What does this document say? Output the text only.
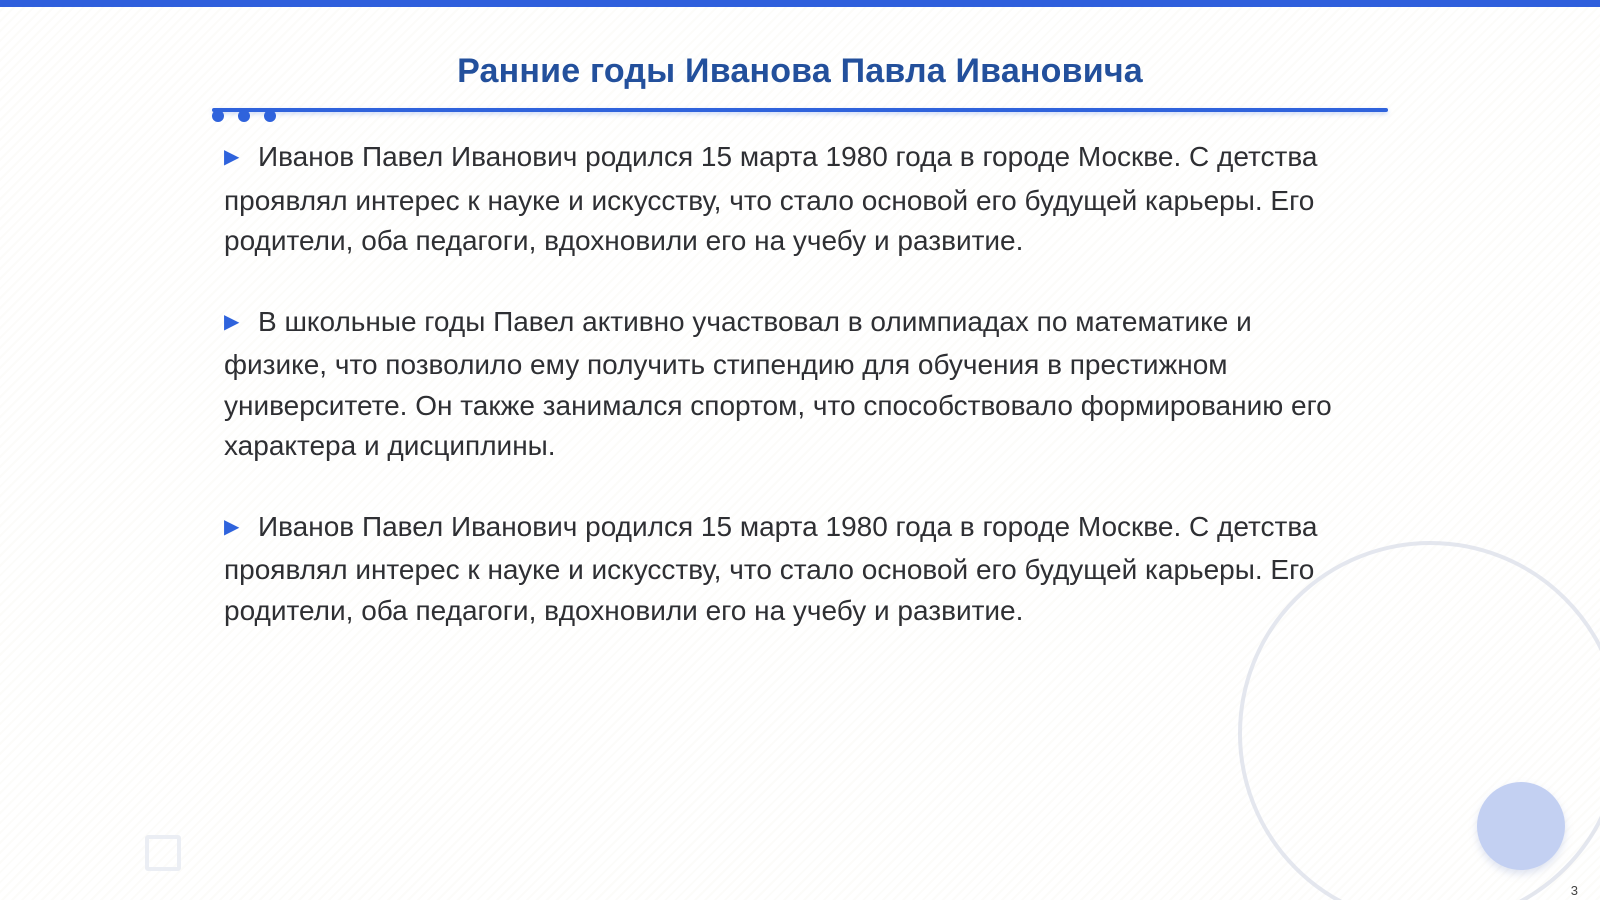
Ранние годы Иванова Павла Ивановича

▶ Иванов Павел Иванович родился 15 марта 1980 года в городе Москве. С детства проявлял интерес к науке и искусству, что стало основой его будущей карьеры. Его родители, оба педагоги, вдохновили его на учебу и развитие.

▶ В школьные годы Павел активно участвовал в олимпиадах по математике и физике, что позволило ему получить стипендию для обучения в престижном университете. Он также занимался спортом, что способствовало формированию его характера и дисциплины.

▶ Иванов Павел Иванович родился 15 марта 1980 года в городе Москве. С детства проявлял интерес к науке и искусству, что стало основой его будущей карьеры. Его родители, оба педагоги, вдохновили его на учебу и развитие.

3
